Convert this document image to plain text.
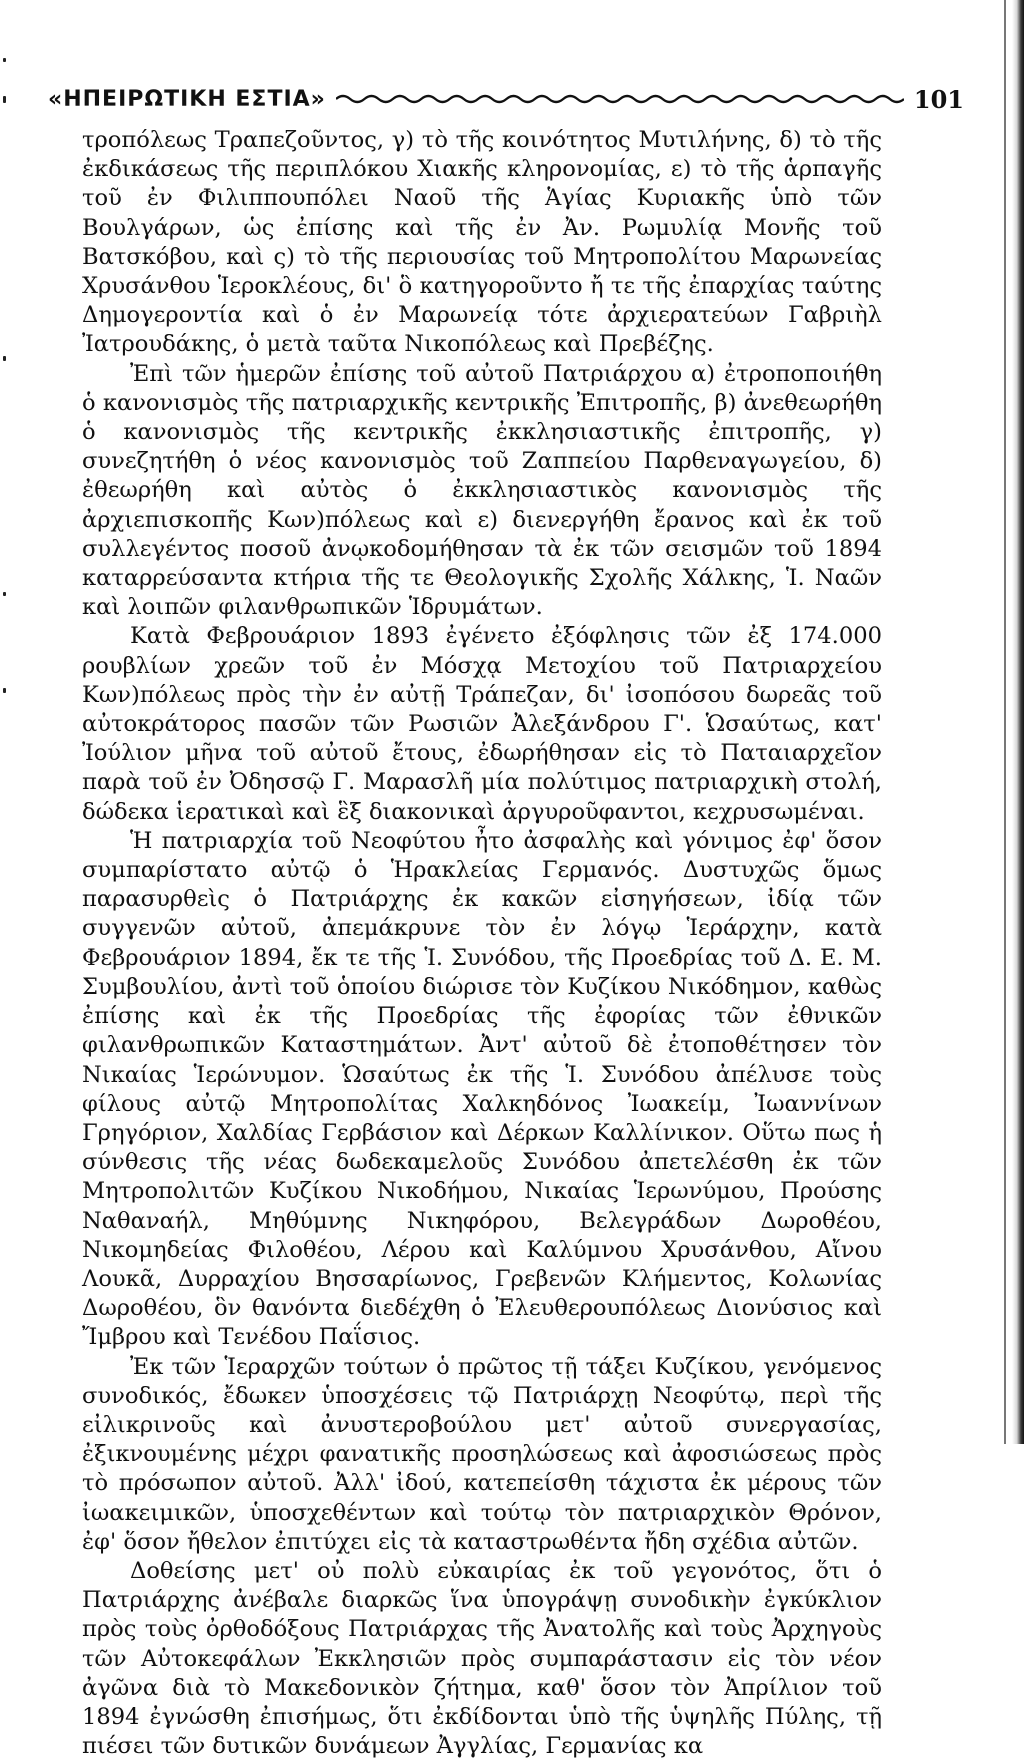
«ΗΠΕΙΡΩΤΙΚΗ ΕΣΤΙΑ»	101

τροπόλεως Τραπεζοῦντος, γ) τὸ τῆς κοινότητος Μυτιλήνης, δ) τὸ τῆς ἐκδικάσεως τῆς περιπλόκου Χιακῆς κληρονομίας, ε) τὸ τῆς ἁρπαγῆς τοῦ ἐν Φιλιππουπόλει Ναοῦ τῆς Ἁγίας Κυριακῆς ὑπὸ τῶν Βουλγάρων, ὡς ἐπίσης καὶ τῆς ἐν Ἀν. Ρωμυλίᾳ Μονῆς τοῦ Βατσκόβου, καὶ ς) τὸ τῆς περιουσίας τοῦ Μητροπολίτου Μαρωνείας Χρυσάνθου Ἱεροκλέους, δι' ὃ κατηγοροῦντο ἤ τε τῆς ἐπαρχίας ταύτης Δημογεροντία καὶ ὁ ἐν Μαρωνείᾳ τότε ἀρχιερατεύων Γαβριὴλ Ἰατρουδάκης, ὁ μετὰ ταῦτα Νικοπόλεως καὶ Πρεβέζης.

Ἐπὶ τῶν ἡμερῶν ἐπίσης τοῦ αὐτοῦ Πατριάρχου α) ἐτροποποιήθη ὁ κανονισμὸς τῆς πατριαρχικῆς κεντρικῆς Ἐπιτροπῆς, β) ἀνεθεωρήθη ὁ κανονισμὸς τῆς κεντρικῆς ἐκκλησιαστικῆς ἐπιτροπῆς, γ) συνεζητήθη ὁ νέος κανονισμὸς τοῦ Ζαππείου Παρθεναγωγείου, δ) ἐθεωρήθη καὶ αὐτὸς ὁ ἐκκλησιαστικὸς κανονισμὸς τῆς ἀρχιεπισκοπῆς Κων)πόλεως καὶ ε) διενεργήθη ἔρανος καὶ ἐκ τοῦ συλλεγέντος ποσοῦ ἀνῳκοδομήθησαν τὰ ἐκ τῶν σεισμῶν τοῦ 1894 καταρρεύσαντα κτήρια τῆς τε Θεολογικῆς Σχολῆς Χάλκης, Ἱ. Ναῶν καὶ λοιπῶν φιλανθρωπικῶν Ἱδρυμάτων.

Κατὰ Φεβρουάριον 1893 ἐγένετο ἐξόφλησις τῶν ἐξ 174.000 ρουβλίων χρεῶν τοῦ ἐν Μόσχᾳ Μετοχίου τοῦ Πατριαρχείου Κων)πόλεως πρὸς τὴν ἐν αὐτῇ Τράπεζαν, δι' ἰσοπόσου δωρεᾶς τοῦ αὐτοκράτορος πασῶν τῶν Ρωσιῶν Ἀλεξάνδρου Γ'. Ὡσαύτως, κατ' Ἰούλιον μῆνα τοῦ αὐτοῦ ἔτους, ἐδωρήθησαν εἰς τὸ Παταιαρχεῖον παρὰ τοῦ ἐν Ὀδησσῷ Γ. Μαρασλῆ μία πολύτιμος πατριαρχικὴ στολή, δώδεκα ἱερατικαὶ καὶ ἓξ διακονικαὶ ἀργυροῦφαντοι, κεχρυσωμέναι.

Ἡ πατριαρχία τοῦ Νεοφύτου ἦτο ἀσφαλὴς καὶ γόνιμος ἐφ' ὅσον συμπαρίστατο αὐτῷ ὁ Ἡρακλείας Γερμανός. Δυστυχῶς ὅμως παρασυρθεὶς ὁ Πατριάρχης ἐκ κακῶν εἰσηγήσεων, ἰδίᾳ τῶν συγγενῶν αὐτοῦ, ἀπεμάκρυνε τὸν ἐν λόγῳ Ἱεράρχην, κατὰ Φεβρουάριον 1894, ἔκ τε τῆς Ἱ. Συνόδου, τῆς Προεδρίας τοῦ Δ. Ε. Μ. Συμβουλίου, ἀντὶ τοῦ ὁποίου διώρισε τὸν Κυζίκου Νικόδημον, καθὼς ἐπίσης καὶ ἐκ τῆς Προεδρίας τῆς ἐφορίας τῶν ἐθνικῶν φιλανθρωπικῶν Καταστημάτων. Ἀντ' αὐτοῦ δὲ ἐτοποθέτησεν τὸν Νικαίας Ἱερώνυμον. Ὡσαύτως ἐκ τῆς Ἱ. Συνόδου ἀπέλυσε τοὺς φίλους αὐτῷ Μητροπολίτας Χαλκηδόνος Ἰωακείμ, Ἰωαννίνων Γρηγόριον, Χαλδίας Γερβάσιον καὶ Δέρκων Καλλίνικον. Οὕτω πως ἡ σύνθεσις τῆς νέας δωδεκαμελοῦς Συνόδου ἀπετελέσθη ἐκ τῶν Μητροπολιτῶν Κυζίκου Νικοδήμου, Νικαίας Ἱερωνύμου, Προύσης Ναθαναήλ, Μηθύμνης Νικηφόρου, Βελεγράδων Δωροθέου, Νικομηδείας Φιλοθέου, Λέρου καὶ Καλύμνου Χρυσάνθου, Αἴνου Λουκᾶ, Δυρραχίου Βησσαρίωνος, Γρεβενῶν Κλήμεντος, Κολωνίας Δωροθέου, ὃν θανόντα διεδέχθη ὁ Ἐλευθερουπόλεως Διονύσιος καὶ Ἴμβρου καὶ Τενέδου Παΐσιος.

Ἐκ τῶν Ἱεραρχῶν τούτων ὁ πρῶτος τῇ τάξει Κυζίκου, γενόμενος συνοδικός, ἔδωκεν ὑποσχέσεις τῷ Πατριάρχῃ Νεοφύτῳ, περὶ τῆς εἰλικρινοῦς καὶ ἀνυστεροβούλου μετ' αὐτοῦ συνεργασίας, ἐξικνουμένης μέχρι φανατικῆς προσηλώσεως καὶ ἀφοσιώσεως πρὸς τὸ πρόσωπον αὐτοῦ. Ἀλλ' ἰδού, κατεπείσθη τάχιστα ἐκ μέρους τῶν ἰωακειμικῶν, ὑποσχεθέντων καὶ τούτῳ τὸν πατριαρχικὸν Θρόνον, ἐφ' ὅσον ἤθελον ἐπιτύχει εἰς τὰ καταστρωθέντα ἤδη σχέδια αὐτῶν.

Δοθείσης μετ' οὐ πολὺ εὐκαιρίας ἐκ τοῦ γεγονότος, ὅτι ὁ Πατριάρχης ἀνέβαλε διαρκῶς ἵνα ὑπογράψῃ συνοδικὴν ἐγκύκλιον πρὸς τοὺς ὀρθοδόξους Πατριάρχας τῆς Ἀνατολῆς καὶ τοὺς Ἀρχηγοὺς τῶν Αὐτοκεφάλων Ἐκκλησιῶν πρὸς συμπαράστασιν εἰς τὸν νέον ἀγῶνα διὰ τὸ Μακεδονικὸν ζήτημα, καθ' ὅσον τὸν Ἀπρίλιον τοῦ 1894 ἐγνώσθη ἐπισήμως, ὅτι ἐκδίδονται ὑπὸ τῆς ὑψηλῆς Πύλης, τῇ πιέσει τῶν δυτικῶν δυνάμεων Ἀγγλίας, Γερμανίας κα
